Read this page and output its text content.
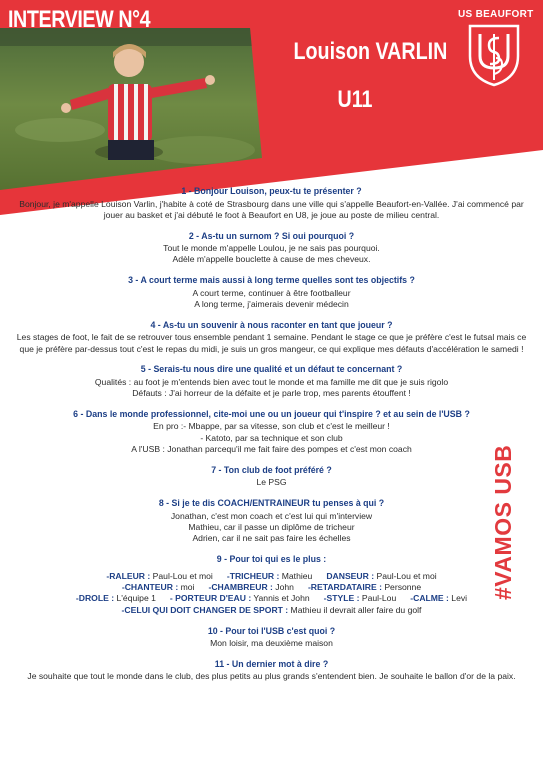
INTERVIEW N°4
Louison VARLIN
U11
US BEAUFORT
1 - Bonjour Louison, peux-tu te présenter ?
Bonjour, je m'appelle Louison Varlin, j'habite à coté de Strasbourg dans une ville qui s'appelle Beaufort-en-Vallée. J'ai commencé par jouer au basket et j'ai débuté le foot à Beaufort en U8, je joue au poste de milieu central.
2 - As-tu un surnom ? Si oui pourquoi ?
Tout le monde m'appelle Loulou, je ne sais pas pourquoi.
Adèle m'appelle bouclette à cause de mes cheveux.
3 - A court terme mais aussi à long terme quelles sont tes objectifs ?
A court terme, continuer à être footballeur
A long terme, j'aimerais devenir médecin
4 - As-tu un souvenir à nous raconter en tant que joueur ?
Les stages de foot, le fait de se retrouver tous ensemble pendant 1 semaine. Pendant le stage ce que je préfère c'est le futsal mais ce que je préfère par-dessus tout c'est le repas du midi, je suis un gros mangeur, ce qui explique mes défauts d'accélération le samedi !
5 - Serais-tu nous dire une qualité et un défaut te concernant ?
Qualités : au foot je m'entends bien avec tout le monde et ma famille me dit que je suis rigolo
Défauts : J'ai horreur de la défaite et je parle trop, mes parents étouffent !
6 - Dans le monde professionnel, cite-moi une ou un joueur qui t'inspire ? et au sein de l'USB ?
En pro :- Mbappe, par sa vitesse, son club et c'est le meilleur !
- Katoto, par sa technique et son club
A l'USB : Jonathan parcequ'il me fait faire des pompes et c'est mon coach
7 - Ton club de foot préféré ?
Le PSG
8 - Si je te dis COACH/ENTRAINEUR tu penses à qui ?
Jonathan, c'est mon coach et c'est lui qui m'interview
Mathieu, car il passe un diplôme de tricheur
Adrien, car il ne sait pas faire les échelles
9 - Pour toi qui es le plus :
-RALEUR : Paul-Lou et moi -TRICHEUR : Mathieu DANSEUR : Paul-Lou et moi
-CHANTEUR : moi -CHAMBREUR : John -RETARDATAIRE : Personne
-DROLE : L'équipe 1 - PORTEUR D'EAU : Yannis et John -STYLE : Paul-Lou -CALME : Levi
-CELUI QUI DOIT CHANGER DE SPORT : Mathieu il devrait aller faire du golf
10 - Pour toi l'USB c'est quoi ?
Mon loisir, ma deuxième maison
11 - Un dernier mot à dire ?
Je souhaite que tout le monde dans le club, des plus petits au plus grands s'entendent bien. Je souhaite le ballon d'or de la paix.
#VAMOS USB
